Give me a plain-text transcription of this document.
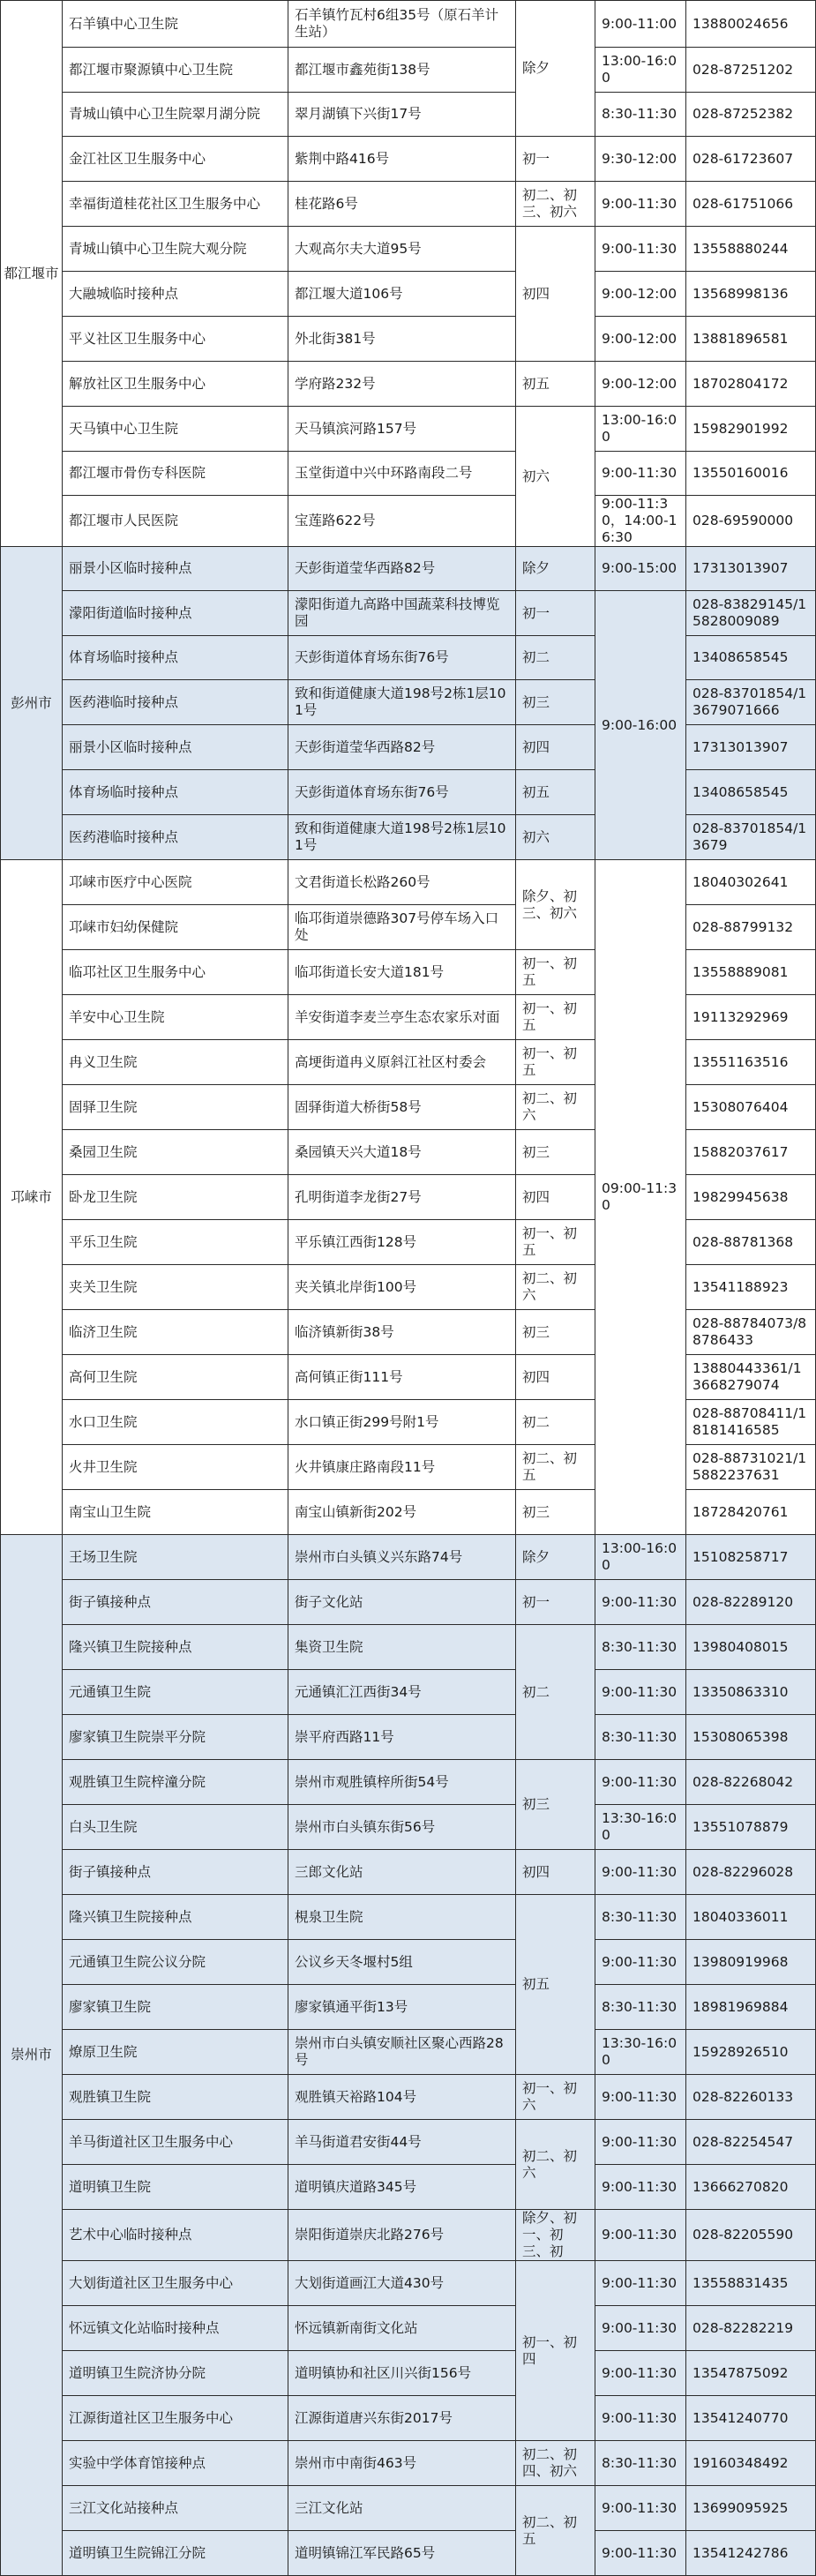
都江堰市	石羊镇中心卫生院	石羊镇竹瓦村6组35号（原石羊计生站）	除夕	9:00-11:00	13880024656
	都江堰市聚源镇中心卫生院	都江堰市鑫苑街138号		13:00-16:00	028-87251202
	青城山镇中心卫生院翠月湖分院	翠月湖镇下兴街17号		8:30-11:30	028-87252382
	金江社区卫生服务中心	紫荆中路416号	初一	9:30-12:00	028-61723607
	幸福街道桂花社区卫生服务中心	桂花路6号	初二、初三、初六	9:00-11:30	028-61751066
	青城山镇中心卫生院大观分院	大观高尔夫大道95号	初四	9:00-11:30	13558880244
	大融城临时接种点	都江堰大道106号		9:00-12:00	13568998136
	平义社区卫生服务中心	外北街381号		9:00-12:00	13881896581
	解放社区卫生服务中心	学府路232号	初五	9:00-12:00	18702804172
	天马镇中心卫生院	天马镇滨河路157号	初六	13:00-16:00	15982901992
	都江堰市骨伤专科医院	玉堂街道中兴中环路南段二号		9:00-11:30	13550160016
	都江堰市人民医院	宝莲路622号		9:00-11:30，14:00-16:30	028-69590000
彭州市	丽景小区临时接种点	天彭街道莹华西路82号	除夕	9:00-15:00	17313013907
	濛阳街道临时接种点	濛阳街道九高路中国蔬菜科技博览园	初一	9:00-16:00	028-83829145/15828009089
	体育场临时接种点	天彭街道体育场东街76号	初二		13408658545
	医药港临时接种点	致和街道健康大道198号2栋1层101号	初三		028-83701854/13679071666
	丽景小区临时接种点	天彭街道莹华西路82号	初四		17313013907
	体育场临时接种点	天彭街道体育场东街76号	初五		13408658545
	医药港临时接种点	致和街道健康大道198号2栋1层101号	初六		028-83701854/13679
邛崃市	邛崃市医疗中心医院	文君街道长松路260号	除夕、初三、初六	09:00-11:30	18040302641
	邛崃市妇幼保健院	临邛街道崇德路307号停车场入口处			028-88799132
	临邛社区卫生服务中心	临邛街道长安大道181号	初一、初五		13558889081
	羊安中心卫生院	羊安街道李麦兰亭生态农家乐对面	初一、初五		19113292969
	冉义卫生院	高埂街道冉义原斜江社区村委会	初一、初五		13551163516
	固驿卫生院	固驿街道大桥街58号	初二、初六		15308076404
	桑园卫生院	桑园镇天兴大道18号	初三		15882037617
	卧龙卫生院	孔明街道李龙街27号	初四		19829945638
	平乐卫生院	平乐镇江西街128号	初一、初五		028-88781368
	夹关卫生院	夹关镇北岸街100号	初二、初六		13541188923
	临济卫生院	临济镇新街38号	初三		028-88784073/88786433
	高何卫生院	高何镇正街111号	初四		13880443361/13668279074
	水口卫生院	水口镇正街299号附1号	初二		028-88708411/18181416585
	火井卫生院	火井镇康庄路南段11号	初二、初五		028-88731021/15882237631
	南宝山卫生院	南宝山镇新街202号	初三		18728420761
崇州市	王场卫生院	崇州市白头镇义兴东路74号	除夕	13:00-16:00	15108258717
	街子镇接种点	街子文化站	初一	9:00-11:30	028-82289120
	隆兴镇卫生院接种点	集资卫生院	初二	8:30-11:30	13980408015
	元通镇卫生院	元通镇汇江西街34号		9:00-11:30	13350863310
	廖家镇卫生院崇平分院	崇平府西路11号		8:30-11:30	15308065398
	观胜镇卫生院梓潼分院	崇州市观胜镇梓所街54号	初三	9:00-11:30	028-82268042
	白头卫生院	崇州市白头镇东街56号		13:30-16:00	13551078879
	街子镇接种点	三郎文化站	初四	9:00-11:30	028-82296028
	隆兴镇卫生院接种点	梘泉卫生院	初五	8:30-11:30	18040336011
	元通镇卫生院公议分院	公议乡天冬堰村5组		9:00-11:30	13980919968
	廖家镇卫生院	廖家镇通平街13号		8:30-11:30	18981969884
	燎原卫生院	崇州市白头镇安顺社区聚心西路28号		13:30-16:00	15928926510
	观胜镇卫生院	观胜镇天裕路104号	初一、初六	9:00-11:30	028-82260133
	羊马街道社区卫生服务中心	羊马街道君安街44号	初二、初六	9:00-11:30	028-82254547
	道明镇卫生院	道明镇庆道路345号		9:00-11:30	13666270820
	艺术中心临时接种点	崇阳街道崇庆北路276号	除夕、初一、初三、初	9:00-11:30	028-82205590
	大划街道社区卫生服务中心	大划街道画江大道430号	初一、初四	9:00-11:30	13558831435
	怀远镇文化站临时接种点	怀远镇新南街文化站		9:00-11:30	028-82282219
	道明镇卫生院济协分院	道明镇协和社区川兴街156号		9:00-11:30	13547875092
	江源街道社区卫生服务中心	江源街道唐兴东街2017号		9:00-11:30	13541240770
	实验中学体育馆接种点	崇州市中南街463号	初二、初四、初六	8:30-11:30	19160348492
	三江文化站接种点	三江文化站	初二、初五	9:00-11:30	13699095925
	道明镇卫生院锦江分院	道明镇锦江军民路65号		9:00-11:30	13541242786
